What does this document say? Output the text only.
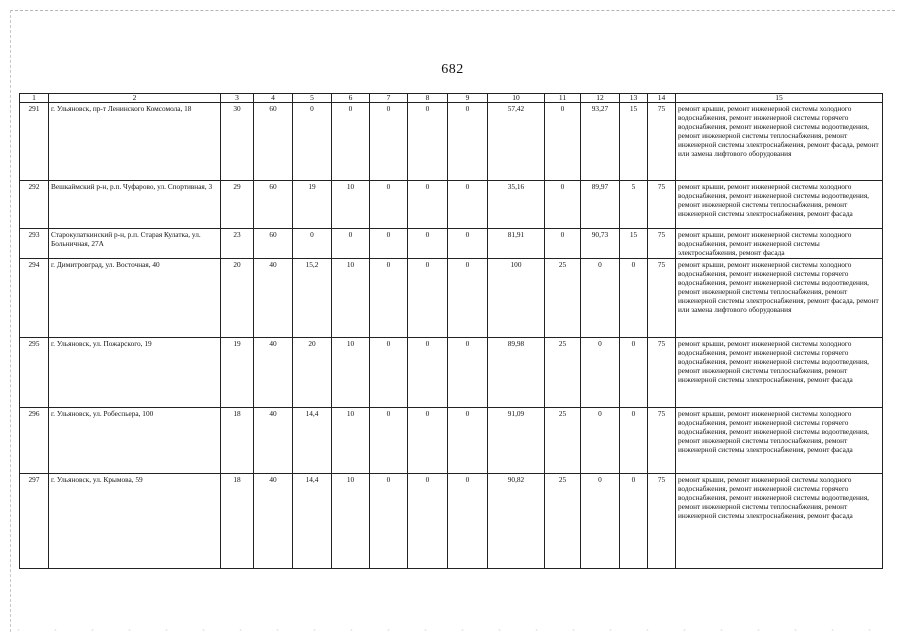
682
1	2	3	4	5	6	7	8	9	10	11	12	13	14	15
291	г. Ульяновск, пр-т Ленинского Комсомола, 18	30	60	0	0	0	0	0	57,42	0	93,27	15	75	ремонт крыши, ремонт инженерной системы холодного водоснабжения, ремонт инженерной системы горячего водоснабжения, ремонт инженерной системы водоотведения, ремонт инженерной системы теплоснабжения, ремонт инженерной системы электроснабжения, ремонт фасада, ремонт или замена лифтового оборудования
292	Вешкаймский р-н, р.п. Чуфарово, ул. Спортивная, 3	29	60	19	10	0	0	0	35,16	0	89,97	5	75	ремонт крыши, ремонт инженерной системы холодного водоснабжения, ремонт инженерной системы водоотведения, ремонт инженерной системы теплоснабжения, ремонт инженерной системы электроснабжения, ремонт фасада
293	Старокулаткинский р-н, р.п. Старая Кулатка, ул. Больничная, 27А	23	60	0	0	0	0	0	81,91	0	90,73	15	75	ремонт крыши, ремонт инженерной системы холодного водоснабжения, ремонт инженерной системы электроснабжения, ремонт фасада
294	г. Димитровград, ул. Восточная, 40	20	40	15,2	10	0	0	0	100	25	0	0	75	ремонт крыши, ремонт инженерной системы холодного водоснабжения, ремонт инженерной системы горячего водоснабжения, ремонт инженерной системы водоотведения, ремонт инженерной системы теплоснабжения, ремонт инженерной системы электроснабжения, ремонт фасада, ремонт или замена лифтового оборудования
295	г. Ульяновск, ул. Пожарского, 19	19	40	20	10	0	0	0	89,98	25	0	0	75	ремонт крыши, ремонт инженерной системы холодного водоснабжения, ремонт инженерной системы горячего водоснабжения, ремонт инженерной системы водоотведения, ремонт инженерной системы теплоснабжения, ремонт инженерной системы электроснабжения, ремонт фасада
296	г. Ульяновск, ул. Робеспьера, 100	18	40	14,4	10	0	0	0	91,09	25	0	0	75	ремонт крыши, ремонт инженерной системы холодного водоснабжения, ремонт инженерной системы горячего водоснабжения, ремонт инженерной системы водоотведения, ремонт инженерной системы теплоснабжения, ремонт инженерной системы электроснабжения, ремонт фасада
297	г. Ульяновск, ул. Крымова, 59	18	40	14,4	10	0	0	0	90,82	25	0	0	75	ремонт крыши, ремонт инженерной системы холодного водоснабжения, ремонт инженерной системы горячего водоснабжения, ремонт инженерной системы водоотведения, ремонт инженерной системы теплоснабжения, ремонт инженерной системы электроснабжения, ремонт фасада
